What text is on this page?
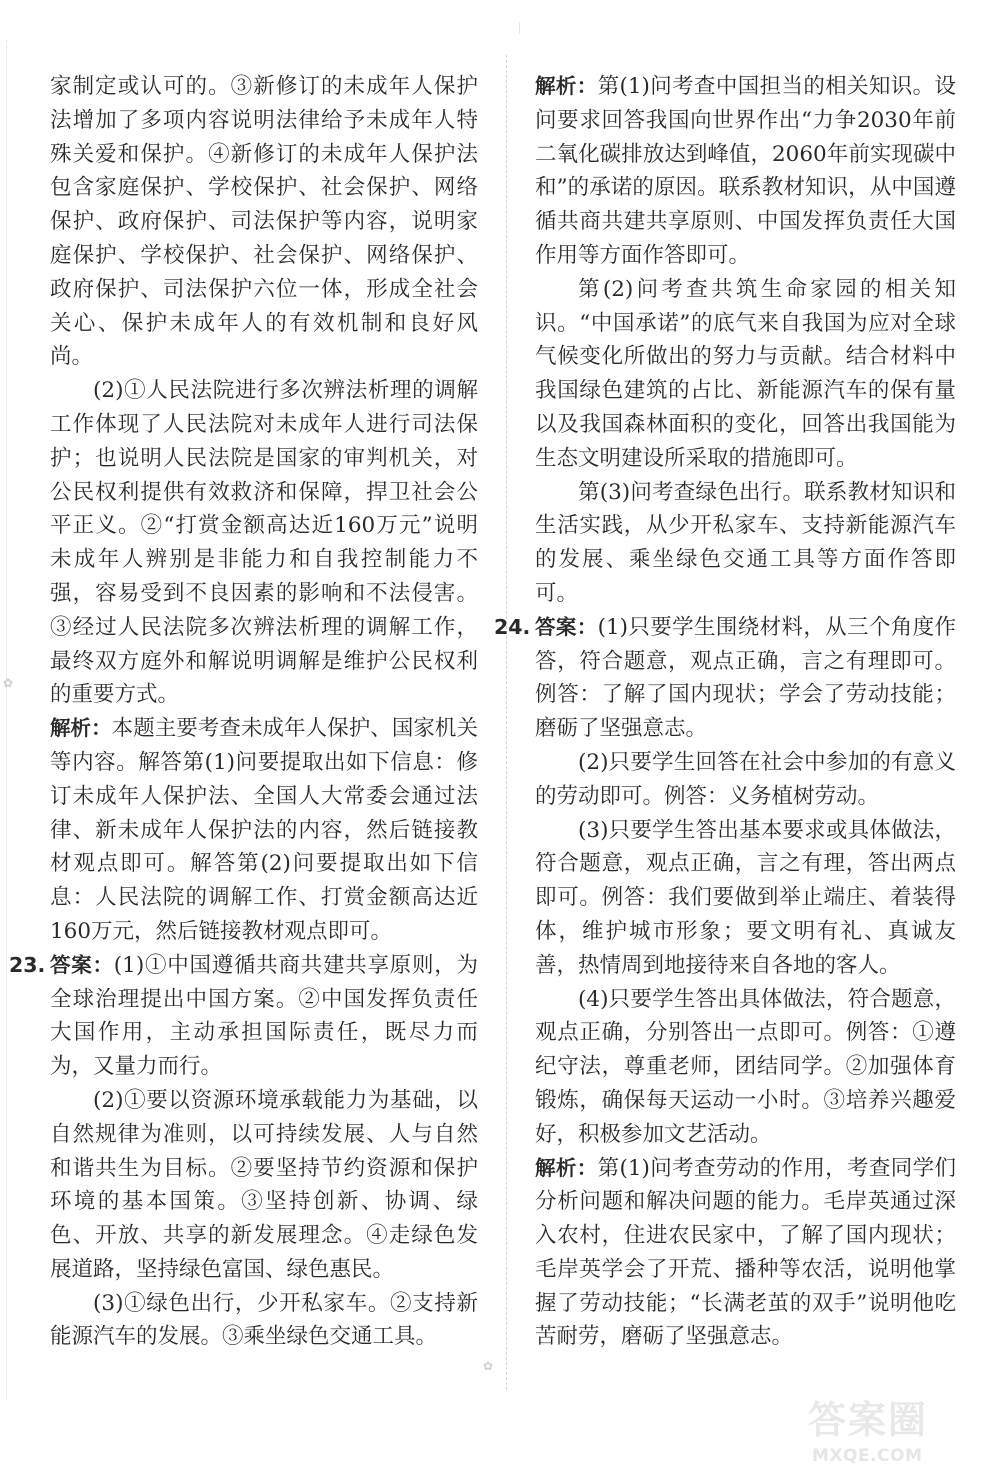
✿
✿

家制定或认可的。③新修订的未成年人保护法增加了多项内容说明法律给予未成年人特殊关爱和保护。④新修订的未成年人保护法包含家庭保护、学校保护、社会保护、网络保护、政府保护、司法保护等内容，说明家庭保护、学校保护、社会保护、网络保护、政府保护、司法保护六位一体，形成全社会关心、保护未成年人的有效机制和良好风尚。

(2)①人民法院进行多次辨法析理的调解工作体现了人民法院对未成年人进行司法保护；也说明人民法院是国家的审判机关，对公民权利提供有效救济和保障，捍卫社会公平正义。②“打赏金额高达近160万元”说明未成年人辨别是非能力和自我控制能力不强，容易受到不良因素的影响和不法侵害。③经过人民法院多次辨法析理的调解工作，最终双方庭外和解说明调解是维护公民权利的重要方式。

解析：本题主要考查未成年人保护、国家机关等内容。解答第(1)问要提取出如下信息：修订未成年人保护法、全国人大常委会通过法律、新未成年人保护法的内容，然后链接教材观点即可。解答第(2)问要提取出如下信息：人民法院的调解工作、打赏金额高达近160万元，然后链接教材观点即可。

23. 答案：(1)①中国遵循共商共建共享原则，为全球治理提出中国方案。②中国发挥负责任大国作用，主动承担国际责任，既尽力而为，又量力而行。

(2)①要以资源环境承载能力为基础，以自然规律为准则，以可持续发展、人与自然和谐共生为目标。②要坚持节约资源和保护环境的基本国策。③坚持创新、协调、绿色、开放、共享的新发展理念。④走绿色发展道路，坚持绿色富国、绿色惠民。

(3)①绿色出行，少开私家车。②支持新能源汽车的发展。③乘坐绿色交通工具。

解析：第(1)问考查中国担当的相关知识。设问要求回答我国向世界作出“力争2030年前二氧化碳排放达到峰值，2060年前实现碳中和”的承诺的原因。联系教材知识，从中国遵循共商共建共享原则、中国发挥负责任大国作用等方面作答即可。

第(2)问考查共筑生命家园的相关知识。“中国承诺”的底气来自我国为应对全球气候变化所做出的努力与贡献。结合材料中我国绿色建筑的占比、新能源汽车的保有量以及我国森林面积的变化，回答出我国能为生态文明建设所采取的措施即可。

第(3)问考查绿色出行。联系教材知识和生活实践，从少开私家车、支持新能源汽车的发展、乘坐绿色交通工具等方面作答即可。

24. 答案：(1)只要学生围绕材料，从三个角度作答，符合题意，观点正确，言之有理即可。例答：了解了国内现状；学会了劳动技能；磨砺了坚强意志。

(2)只要学生回答在社会中参加的有意义的劳动即可。例答：义务植树劳动。

(3)只要学生答出基本要求或具体做法，符合题意，观点正确，言之有理，答出两点即可。例答：我们要做到举止端庄、着装得体，维护城市形象；要文明有礼、真诚友善，热情周到地接待来自各地的客人。

(4)只要学生答出具体做法，符合题意，观点正确，分别答出一点即可。例答：①遵纪守法，尊重老师，团结同学。②加强体育锻炼，确保每天运动一小时。③培养兴趣爱好，积极参加文艺活动。

解析：第(1)问考查劳动的作用，考查同学们分析问题和解决问题的能力。毛岸英通过深入农村，住进农民家中，了解了国内现状；毛岸英学会了开荒、播种等农活，说明他掌握了劳动技能；“长满老茧的双手”说明他吃苦耐劳，磨砺了坚强意志。

答案圈
MXQE.COM
